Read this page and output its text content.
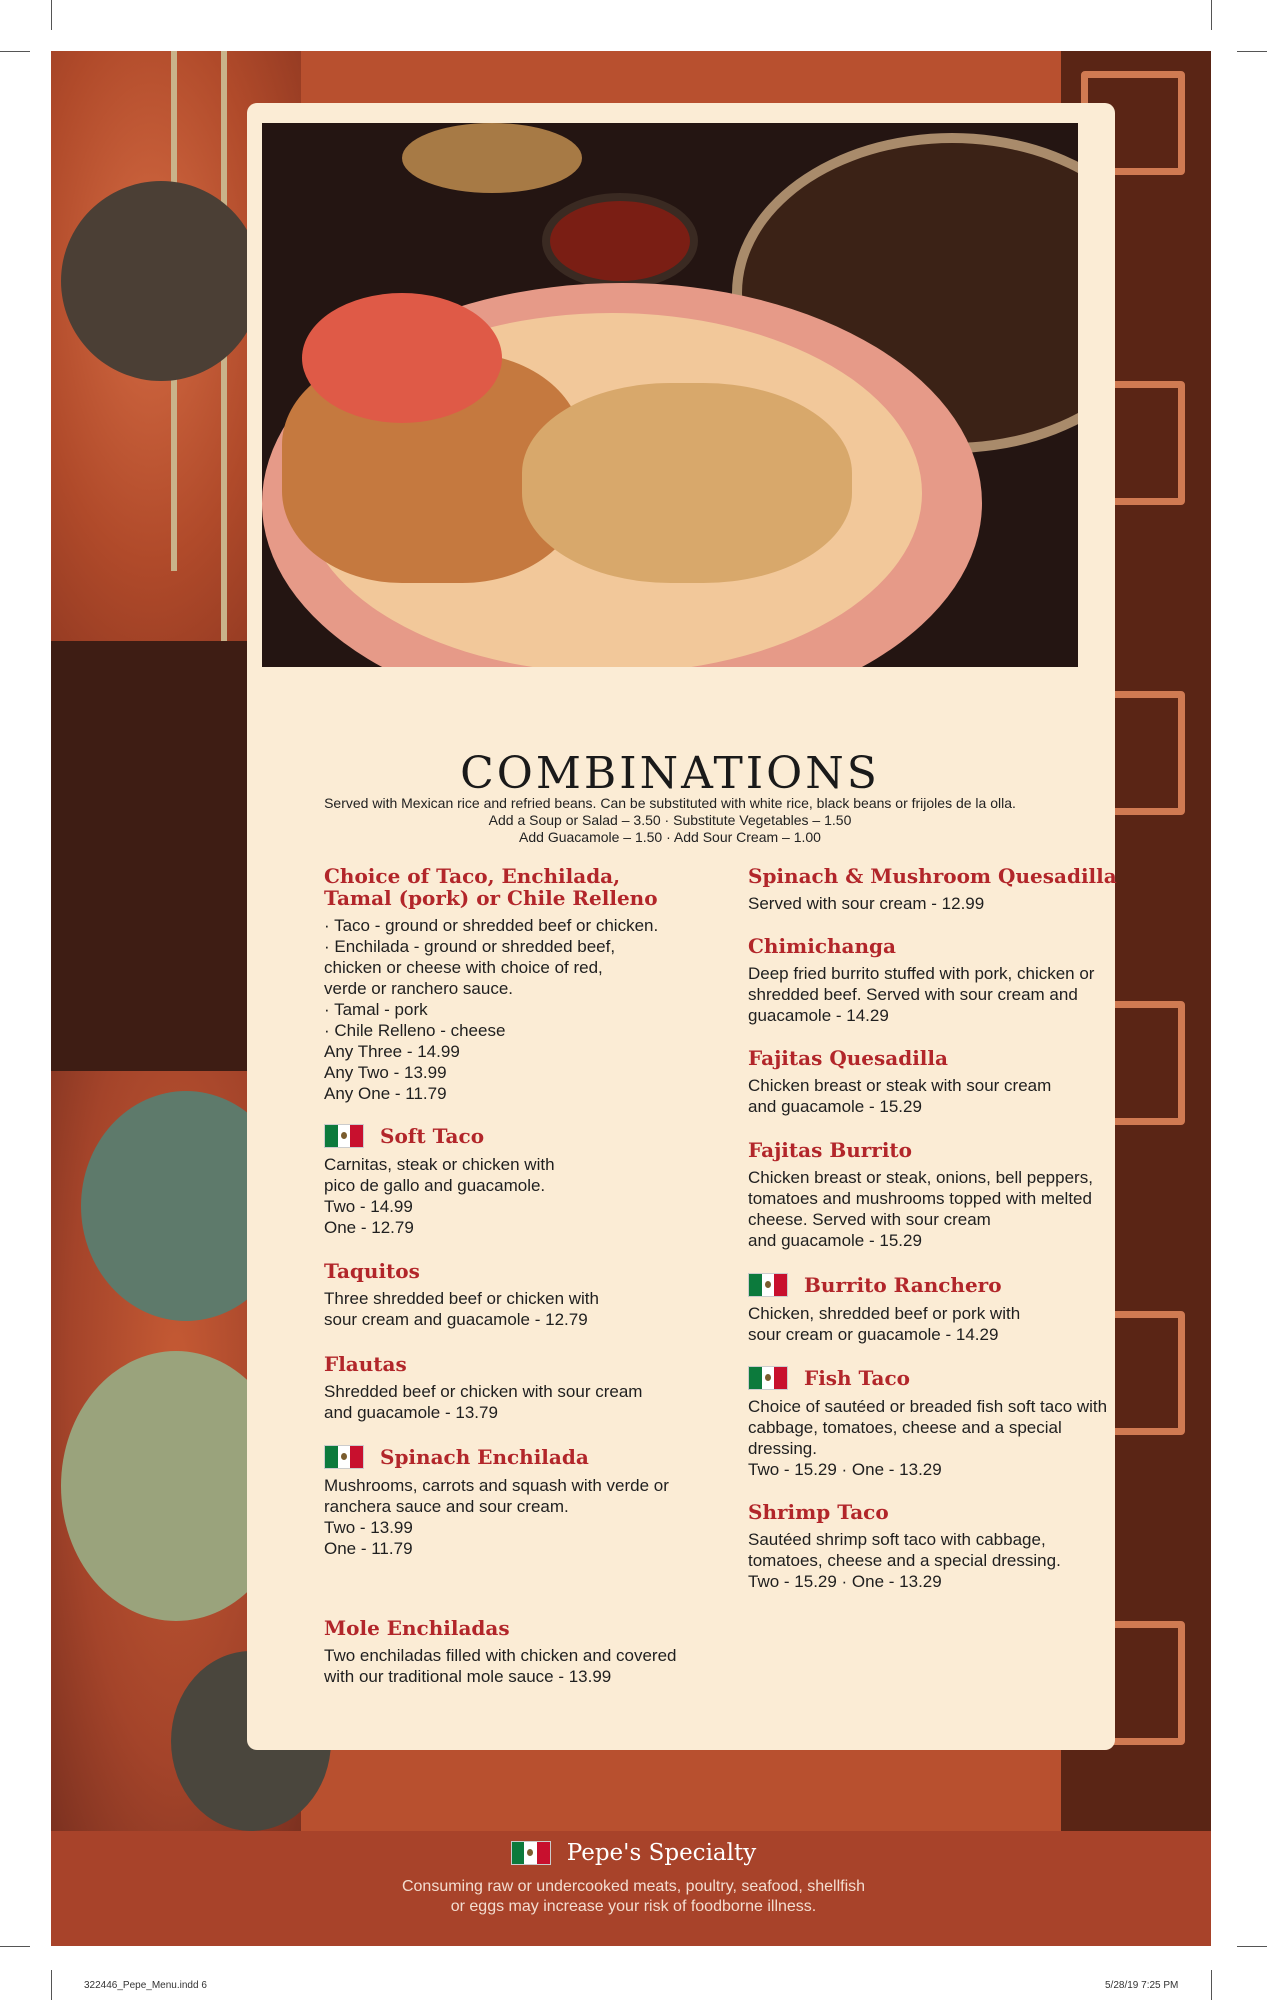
COMBINATIONS
Served with Mexican rice and refried beans. Can be substituted with white rice, black beans or frijoles de la olla.
Add a Soup or Salad – 3.50 · Substitute Vegetables – 1.50
Add Guacamole – 1.50 · Add Sour Cream – 1.00
Choice of Taco, Enchilada,
Tamal (pork) or Chile Relleno
· Taco - ground or shredded beef or chicken.
· Enchilada - ground or shredded beef,
chicken or cheese with choice of red,
verde or ranchero sauce.
· Tamal - pork
· Chile Relleno - cheese
Any Three - 14.99
Any Two - 13.99
Any One - 11.79
Soft Taco
Carnitas, steak or chicken with
pico de gallo and guacamole.
Two - 14.99
One - 12.79
Taquitos
Three shredded beef or chicken with
sour cream and guacamole - 12.79
Flautas
Shredded beef or chicken with sour cream
and guacamole - 13.79
Spinach Enchilada
Mushrooms, carrots and squash with verde or
ranchera sauce and sour cream.
Two - 13.99
One - 11.79
Mole Enchiladas
Two enchiladas filled with chicken and covered
with our traditional mole sauce - 13.99
Spinach & Mushroom Quesadilla
Served with sour cream - 12.99
Chimichanga
Deep fried burrito stuffed with pork, chicken or
shredded beef. Served with sour cream and
guacamole - 14.29
Fajitas Quesadilla
Chicken breast or steak with sour cream
and guacamole - 15.29
Fajitas Burrito
Chicken breast or steak, onions, bell peppers,
tomatoes and mushrooms topped with melted
cheese. Served with sour cream
and guacamole - 15.29
Burrito Ranchero
Chicken, shredded beef or pork with
sour cream or guacamole - 14.29
Fish Taco
Choice of sautéed or breaded fish soft taco with
cabbage, tomatoes, cheese and a special
dressing.
Two - 15.29 · One - 13.29
Shrimp Taco
Sautéed shrimp soft taco with cabbage,
tomatoes, cheese and a special dressing.
Two - 15.29 · One - 13.29
Pepe's Specialty
Consuming raw or undercooked meats, poultry, seafood, shellfish
or eggs may increase your risk of foodborne illness.
322446_Pepe_Menu.indd 6	5/28/19 7:25 PM
